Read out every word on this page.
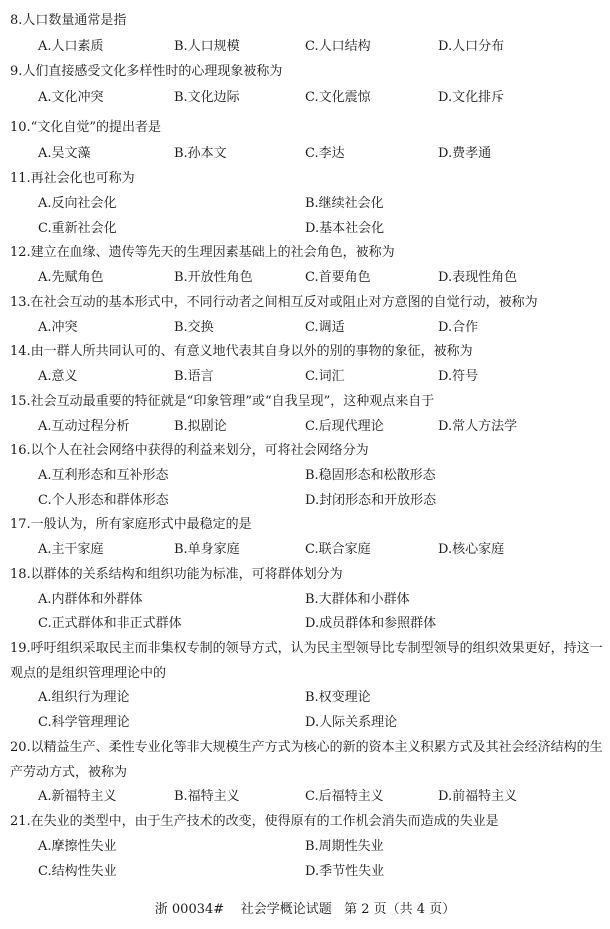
8.人口数量通常是指
A.人口素质	B.人口规模	C.人口结构	D.人口分布
9.人们直接感受文化多样性时的心理现象被称为
A.文化冲突	B.文化边际	C.文化震惊	D.文化排斥
10.“文化自觉”的提出者是
A.吴文藻	B.孙本文	C.李达	D.费孝通
11.再社会化也可称为
A.反向社会化	B.继续社会化
C.重新社会化	D.基本社会化
12.建立在血缘、遗传等先天的生理因素基础上的社会角色，被称为
A.先赋角色	B.开放性角色	C.首要角色	D.表现性角色
13.在社会互动的基本形式中，不同行动者之间相互反对或阻止对方意图的自觉行动，被称为
A.冲突	B.交换	C.调适	D.合作
14.由一群人所共同认可的、有意义地代表其自身以外的别的事物的象征，被称为
A.意义	B.语言	C.词汇	D.符号
15.社会互动最重要的特征就是“印象管理”或“自我呈现”，这种观点来自于
A.互动过程分析	B.拟剧论	C.后现代理论	D.常人方法学
16.以个人在社会网络中获得的利益来划分，可将社会网络分为
A.互利形态和互补形态	B.稳固形态和松散形态
C.个人形态和群体形态	D.封闭形态和开放形态
17.一般认为，所有家庭形式中最稳定的是
A.主干家庭	B.单身家庭	C.联合家庭	D.核心家庭
18.以群体的关系结构和组织功能为标准，可将群体划分为
A.内群体和外群体	B.大群体和小群体
C.正式群体和非正式群体	D.成员群体和参照群体
19.呼吁组织采取民主而非集权专制的领导方式，认为民主型领导比专制型领导的组织效果更好，持这一观点的是组织管理理论中的
A.组织行为理论	B.权变理论
C.科学管理理论	D.人际关系理论
20.以精益生产、柔性专业化等非大规模生产方式为核心的新的资本主义积累方式及其社会经济结构的生产劳动方式，被称为
A.新福特主义	B.福特主义	C.后福特主义	D.前福特主义
21.在失业的类型中，由于生产技术的改变，使得原有的工作机会消失而造成的失业是
A.摩擦性失业	B.周期性失业
C.结构性失业	D.季节性失业
浙 00034# 社会学概论试题 第 2 页（共 4 页）
